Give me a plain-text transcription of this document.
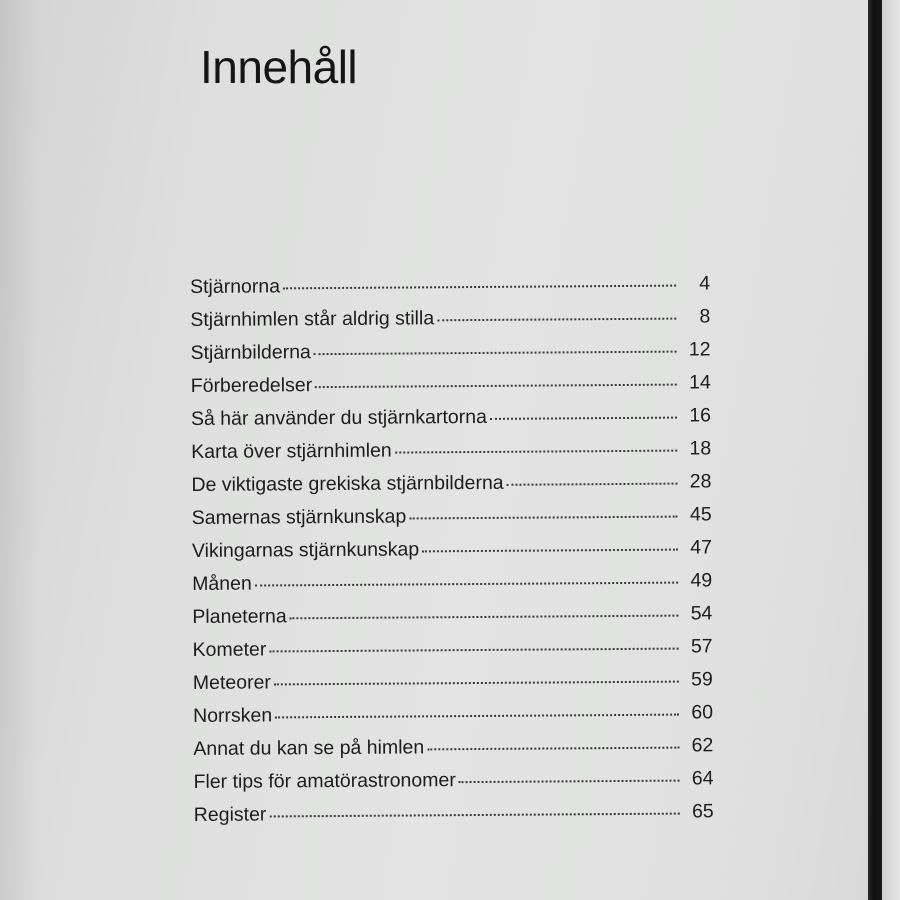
Innehåll
Stjärnorna	4
Stjärnhimlen står aldrig stilla	8
Stjärnbilderna	12
Förberedelser	14
Så här använder du stjärnkartorna	16
Karta över stjärnhimlen	18
De viktigaste grekiska stjärnbilderna	28
Samernas stjärnkunskap	45
Vikingarnas stjärnkunskap	47
Månen	49
Planeterna	54
Kometer	57
Meteorer	59
Norrsken	60
Annat du kan se på himlen	62
Fler tips för amatörastronomer	64
Register	65
